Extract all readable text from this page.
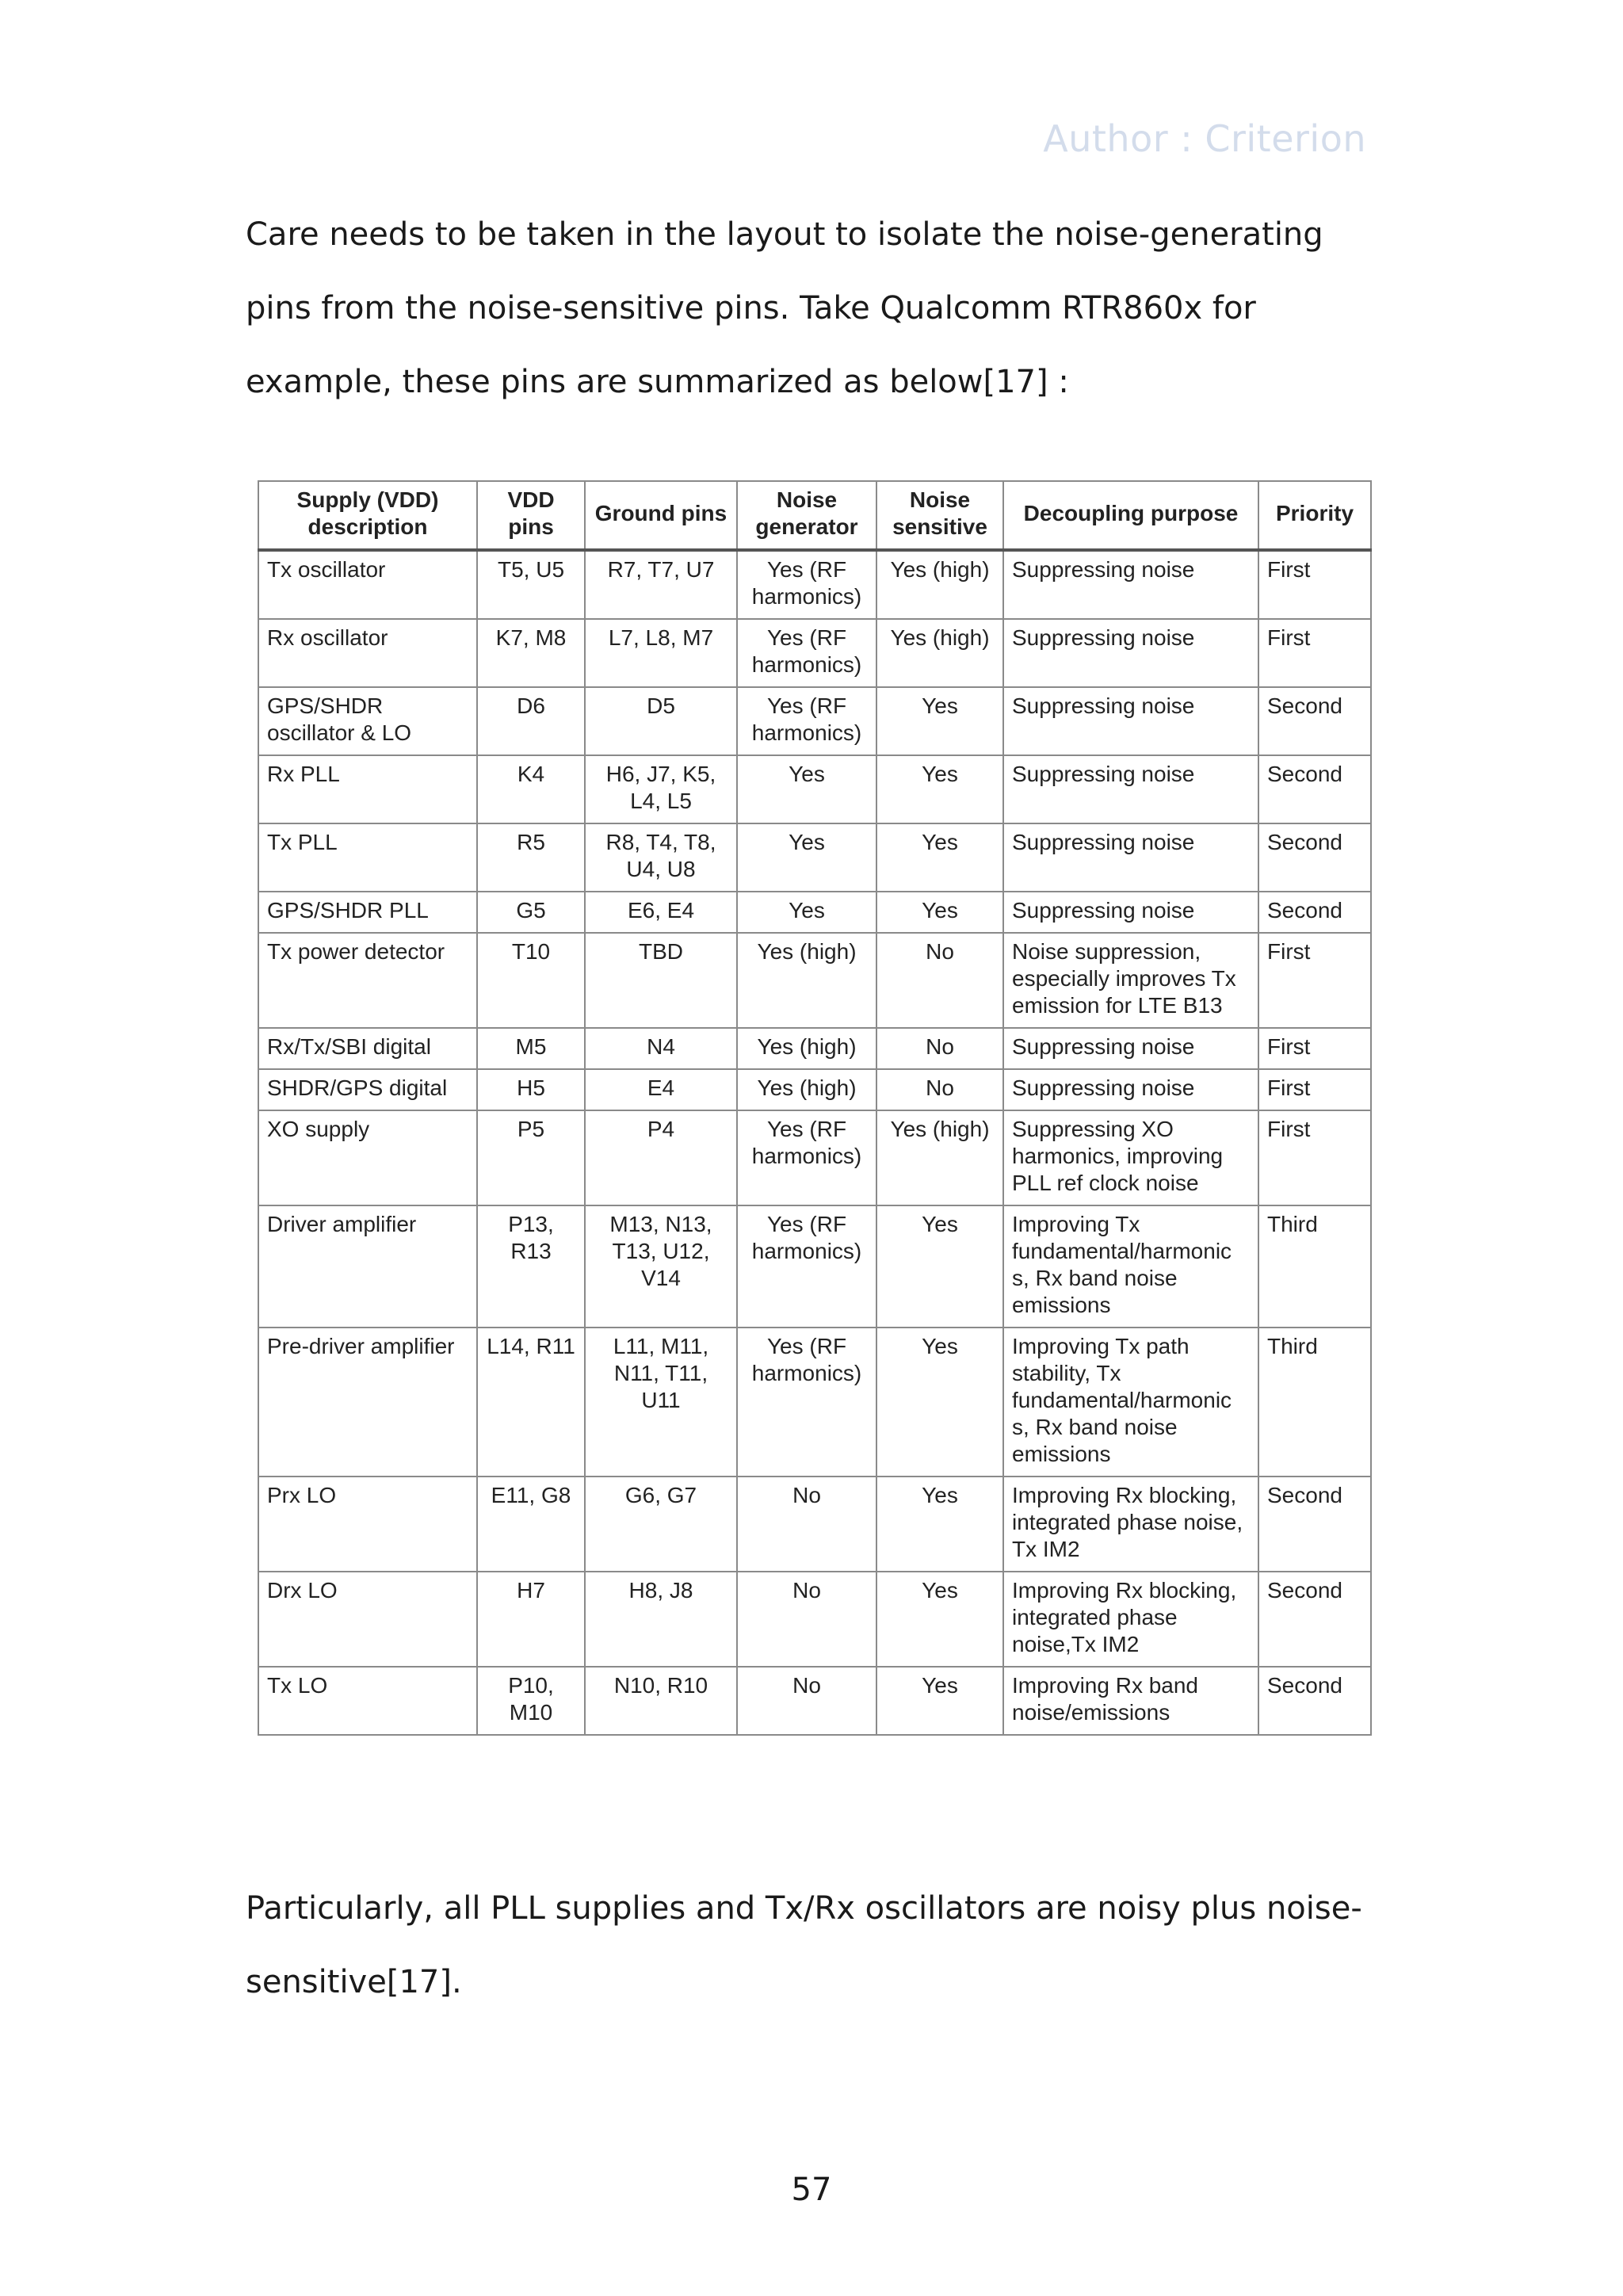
Author : Criterion
Care needs to be taken in the layout to isolate the noise-generating pins from the noise-sensitive pins. Take Qualcomm RTR860x for example, these pins are summarized as below[17] :
Supply (VDD) description	VDD pins	Ground pins	Noise generator	Noise sensitive	Decoupling purpose	Priority
Tx oscillator	T5, U5	R7, T7, U7	Yes (RF harmonics)	Yes (high)	Suppressing noise	First
Rx oscillator	K7, M8	L7, L8, M7	Yes (RF harmonics)	Yes (high)	Suppressing noise	First
GPS/SHDR oscillator & LO	D6	D5	Yes (RF harmonics)	Yes	Suppressing noise	Second
Rx PLL	K4	H6, J7, K5, L4, L5	Yes	Yes	Suppressing noise	Second
Tx PLL	R5	R8, T4, T8, U4, U8	Yes	Yes	Suppressing noise	Second
GPS/SHDR PLL	G5	E6, E4	Yes	Yes	Suppressing noise	Second
Tx power detector	T10	TBD	Yes (high)	No	Noise suppression, especially improves Tx emission for LTE B13	First
Rx/Tx/SBI digital	M5	N4	Yes (high)	No	Suppressing noise	First
SHDR/GPS digital	H5	E4	Yes (high)	No	Suppressing noise	First
XO supply	P5	P4	Yes (RF harmonics)	Yes (high)	Suppressing XO harmonics, improving PLL ref clock noise	First
Driver amplifier	P13, R13	M13, N13, T13, U12, V14	Yes (RF harmonics)	Yes	Improving Tx fundamental/harmonic s, Rx band noise emissions	Third
Pre-driver amplifier	L14, R11	L11, M11, N11, T11, U11	Yes (RF harmonics)	Yes	Improving Tx path stability, Tx fundamental/harmonic s, Rx band noise emissions	Third
Prx LO	E11, G8	G6, G7	No	Yes	Improving Rx blocking, integrated phase noise, Tx IM2	Second
Drx LO	H7	H8, J8	No	Yes	Improving Rx blocking, integrated phase noise,Tx IM2	Second
Tx LO	P10, M10	N10, R10	No	Yes	Improving Rx band noise/emissions	Second
Particularly, all PLL supplies and Tx/Rx oscillators are noisy plus noise-sensitive[17].
57
